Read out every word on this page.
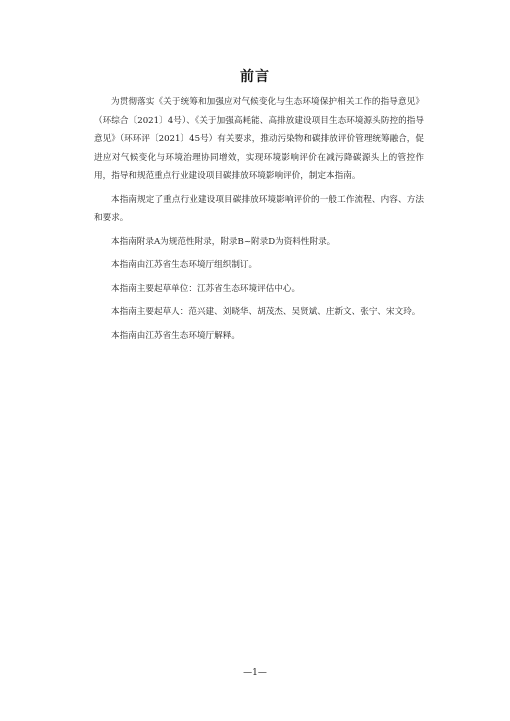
前言

为贯彻落实《关于统筹和加强应对气候变化与生态环境保护相关工作的指导意见》（环综合〔2021〕4号）、《关于加强高耗能、高排放建设项目生态环境源头防控的指导意见》（环环评〔2021〕45号）有关要求，推动污染物和碳排放评价管理统筹融合，促进应对气候变化与环境治理协同增效，实现环境影响评价在减污降碳源头上的管控作用，指导和规范重点行业建设项目碳排放环境影响评价，制定本指南。

本指南规定了重点行业建设项目碳排放环境影响评价的一般工作流程、内容、方法和要求。

本指南附录A为规范性附录，附录B~附录D为资料性附录。

本指南由江苏省生态环境厅组织制订。

本指南主要起草单位：江苏省生态环境评估中心。

本指南主要起草人：范兴建、刘晓华、胡茂杰、吴贤斌、庄新文、张宁、宋文玲。

本指南由江苏省生态环境厅解释。

—1—
